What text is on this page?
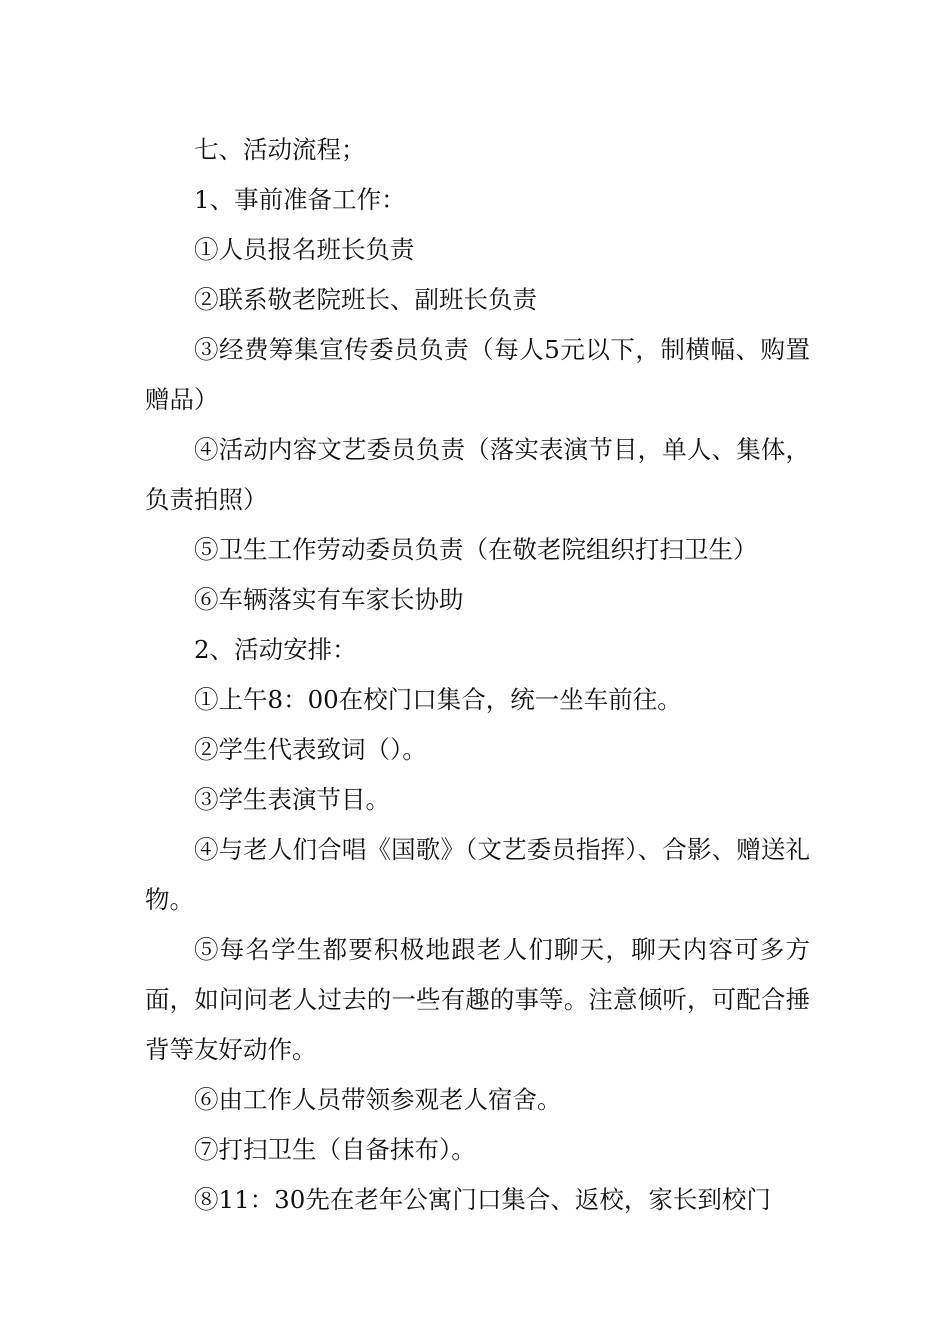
七、活动流程；

1、事前准备工作：

①人员报名班长负责

②联系敬老院班长、副班长负责

③经费筹集宣传委员负责（每人5元以下，制横幅、购置赠品）

④活动内容文艺委员负责（落实表演节目，单人、集体，负责拍照）

⑤卫生工作劳动委员负责（在敬老院组织打扫卫生）

⑥车辆落实有车家长协助

2、活动安排：

①上午8：00在校门口集合，统一坐车前往。

②学生代表致词（）。

③学生表演节目。

④与老人们合唱《国歌》（文艺委员指挥）、合影、赠送礼物。

⑤每名学生都要积极地跟老人们聊天，聊天内容可多方面，如问问老人过去的一些有趣的事等。注意倾听，可配合捶背等友好动作。

⑥由工作人员带领参观老人宿舍。

⑦打扫卫生（自备抹布）。

⑧11：30先在老年公寓门口集合、返校，家长到校门
